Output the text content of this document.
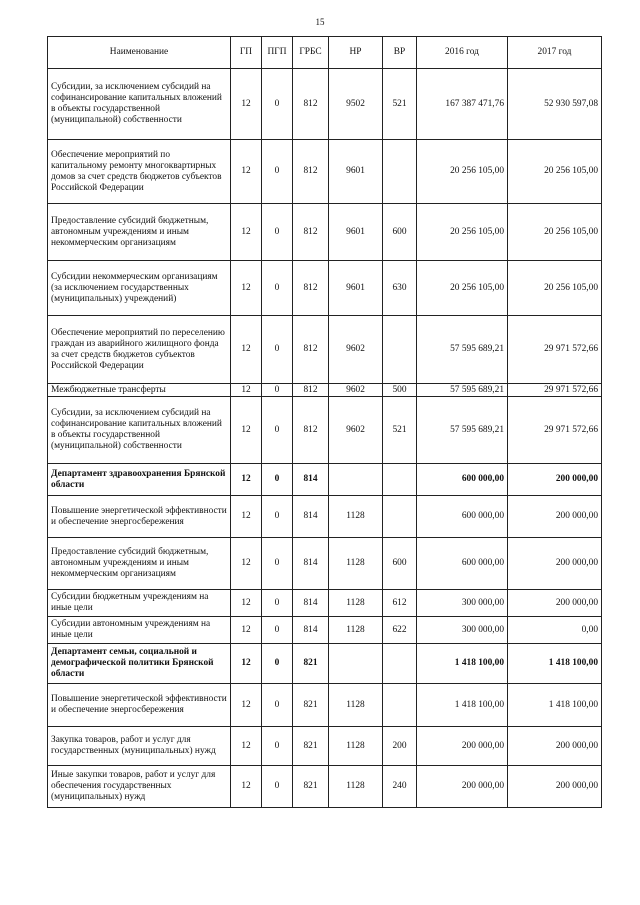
15
Наименование	ГП	ПГП	ГРБС	НР	ВР	2016 год	2017 год
Субсидии, за исключением субсидий на софинансирование капитальных вложений в объекты государственной (муниципальной) собственности	12	0	812	9502	521	167 387 471,76	52 930 597,08
Обеспечение мероприятий по капитальному ремонту многоквартирных домов за счет средств бюджетов субъектов Российской Федерации	12	0	812	9601		20 256 105,00	20 256 105,00
Предоставление субсидий бюджетным, автономным учреждениям и иным некоммерческим организациям	12	0	812	9601	600	20 256 105,00	20 256 105,00
Субсидии некоммерческим организациям (за исключением государственных (муниципальных) учреждений)	12	0	812	9601	630	20 256 105,00	20 256 105,00
Обеспечение мероприятий по переселению граждан из аварийного жилищного фонда за счет средств бюджетов субъектов Российской Федерации	12	0	812	9602		57 595 689,21	29 971 572,66
Межбюджетные трансферты	12	0	812	9602	500	57 595 689,21	29 971 572,66
Субсидии, за исключением субсидий на софинансирование капитальных вложений в объекты государственной (муниципальной) собственности	12	0	812	9602	521	57 595 689,21	29 971 572,66
Департамент здравоохранения Брянской области	12	0	814			600 000,00	200 000,00
Повышение энергетической эффективности и обеспечение энергосбережения	12	0	814	1128		600 000,00	200 000,00
Предоставление субсидий бюджетным, автономным учреждениям и иным некоммерческим организациям	12	0	814	1128	600	600 000,00	200 000,00
Субсидии бюджетным учреждениям на иные цели	12	0	814	1128	612	300 000,00	200 000,00
Субсидии автономным учреждениям на иные цели	12	0	814	1128	622	300 000,00	0,00
Департамент семьи, социальной и демографической политики Брянской области	12	0	821			1 418 100,00	1 418 100,00
Повышение энергетической эффективности и обеспечение энергосбережения	12	0	821	1128		1 418 100,00	1 418 100,00
Закупка товаров, работ и услуг для государственных (муниципальных) нужд	12	0	821	1128	200	200 000,00	200 000,00
Иные закупки товаров, работ и услуг для обеспечения государственных (муниципальных) нужд	12	0	821	1128	240	200 000,00	200 000,00
